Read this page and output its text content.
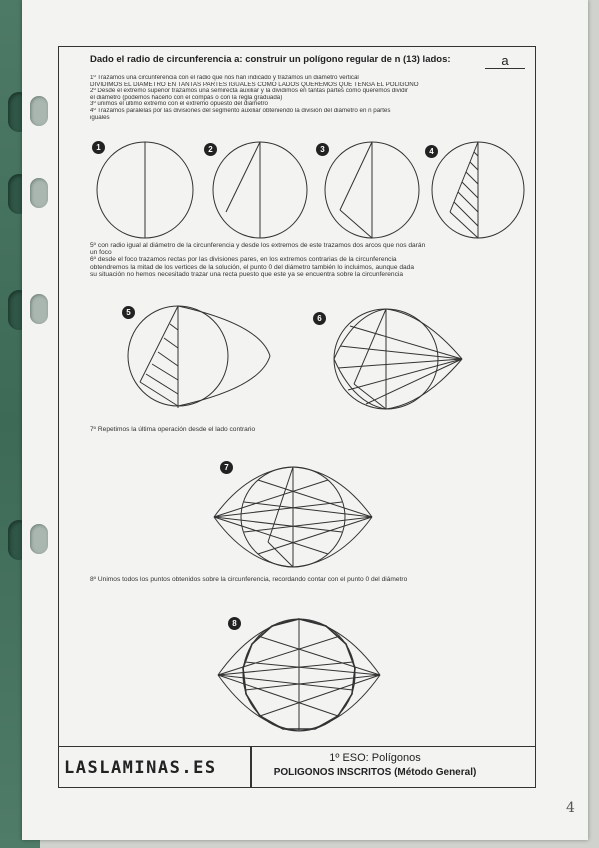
Dado el radio de circunferencia a: construir un polígono regular de n (13) lados:	a
1º Trazamos una circunferencia con el radio que nos han indicado y trazamos un diámetro vertical
DIVIDIMOS EL DIAMETRO EN TANTAS PARTES IGUALES COMO LADOS QUEREMOS QUE TENGA EL POLIGONO
2º Desde el extremo superior trazamos una semirecta auxiliar y la dividimos en tantas partes como queremos dividir
el diámetro (podemos hacerlo con el compás o con la regla graduada)
3º unimos el último extremo con el extremo opuesto del diámetro
4º Trazamos paralelas por las divisiones del segmento auxiliar obteniendo la división del diámetro en n partes
iguales
1	2	3	4
5º con radio igual al diámetro de la circunferencia y desde los extremos de este trazamos dos arcos que nos darán
un foco
6º desde el foco trazamos rectas por las divisiones pares, en los extremos contrarias de la circunferencia
obtendremos la mitad de los vertices de la solución, el punto 0 del diámetro también lo incluimos, aunque dada
su situación no hemos necesitado trazar una recta puesto que este ya se encuentra sobre la circunferencia
5
6
7º Repetimos la última operación desde el lado contrario
7
8º Unimos todos los puntos obtenidos sobre la circunferencia, recordando contar con el punto 0 del diámetro
8
LASLAMINAS.ES	1º ESO: Polígonos
POLIGONOS INSCRITOS (Método General)
4
